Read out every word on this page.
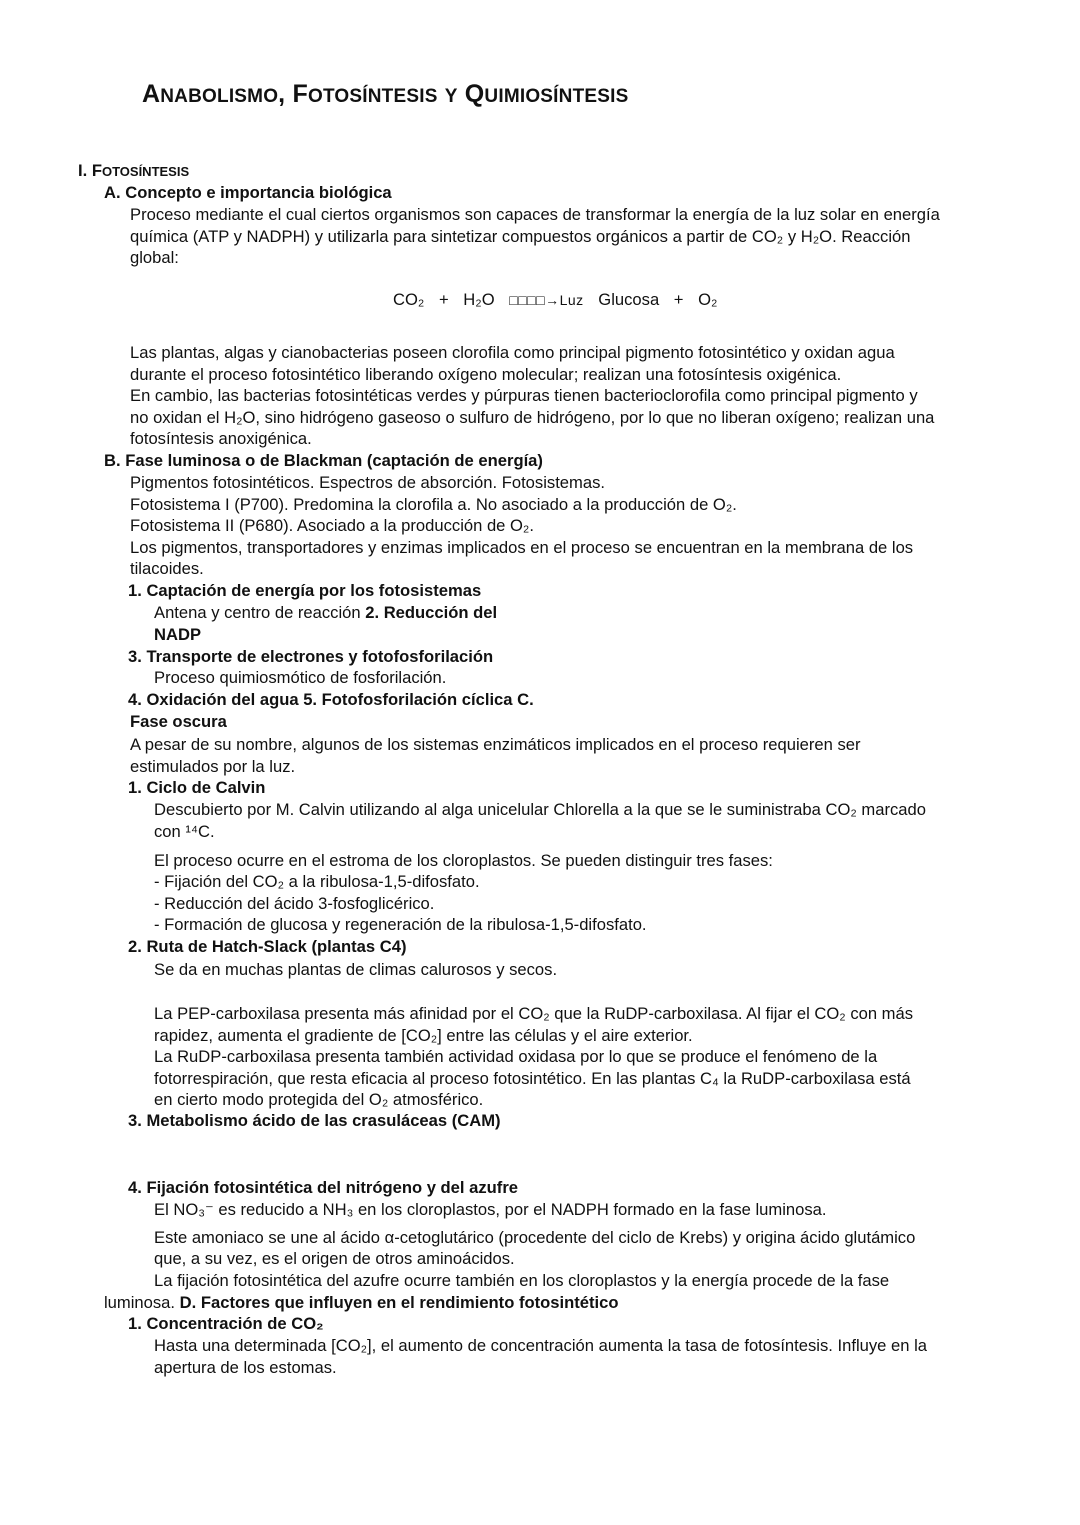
ANABOLISMO, FOTOSÍNTESIS Y QUIMIOSÍNTESIS
I. FOTOSÍNTESIS
A. Concepto e importancia biológica
Proceso mediante el cual ciertos organismos son capaces de transformar la energía de la luz solar en energía
química (ATP y NADPH) y utilizarla para sintetizar compuestos orgánicos a partir de CO₂ y H₂O. Reacción
global:
CO₂ + H₂O □□□□→Luz Glucosa + O₂
Las plantas, algas y cianobacterias poseen clorofila como principal pigmento fotosintético y oxidan agua
durante el proceso fotosintético liberando oxígeno molecular; realizan una fotosíntesis oxigénica.
En cambio, las bacterias fotosintéticas verdes y púrpuras tienen bacterioclorofila como principal pigmento y
no oxidan el H₂O, sino hidrógeno gaseoso o sulfuro de hidrógeno, por lo que no liberan oxígeno; realizan una
fotosíntesis anoxigénica.
B. Fase luminosa o de Blackman (captación de energía)
Pigmentos fotosintéticos. Espectros de absorción. Fotosistemas.
Fotosistema I (P700). Predomina la clorofila a. No asociado a la producción de O₂.
Fotosistema II (P680). Asociado a la producción de O₂.
Los pigmentos, transportadores y enzimas implicados en el proceso se encuentran en la membrana de los
tilacoides.
1. Captación de energía por los fotosistemas
Antena y centro de reacción 2. Reducción del
NADP
3. Transporte de electrones y fotofosforilación
Proceso quimiosmótico de fosforilación.
4. Oxidación del agua 5. Fotofosforilación cíclica C.
Fase oscura
A pesar de su nombre, algunos de los sistemas enzimáticos implicados en el proceso requieren ser
estimulados por la luz.
1. Ciclo de Calvin
Descubierto por M. Calvin utilizando al alga unicelular Chlorella a la que se le suministraba CO₂ marcado
con ¹⁴C.
El proceso ocurre en el estroma de los cloroplastos. Se pueden distinguir tres fases:
- Fijación del CO₂ a la ribulosa-1,5-difosfato.
- Reducción del ácido 3-fosfoglicérico.
- Formación de glucosa y regeneración de la ribulosa-1,5-difosfato.
2. Ruta de Hatch-Slack (plantas C4)
Se da en muchas plantas de climas calurosos y secos.
La PEP-carboxilasa presenta más afinidad por el CO₂ que la RuDP-carboxilasa. Al fijar el CO₂ con más
rapidez, aumenta el gradiente de [CO₂] entre las células y el aire exterior.
La RuDP-carboxilasa presenta también actividad oxidasa por lo que se produce el fenómeno de la
fotorrespiración, que resta eficacia al proceso fotosintético. En las plantas C₄ la RuDP-carboxilasa está
en cierto modo protegida del O₂ atmosférico.
3. Metabolismo ácido de las crasuláceas (CAM)
4. Fijación fotosintética del nitrógeno y del azufre
El NO₃⁻ es reducido a NH₃ en los cloroplastos, por el NADPH formado en la fase luminosa.
Este amoniaco se une al ácido α-cetoglutárico (procedente del ciclo de Krebs) y origina ácido glutámico
que, a su vez, es el origen de otros aminoácidos.
La fijación fotosintética del azufre ocurre también en los cloroplastos y la energía procede de la fase
luminosa. D. Factores que influyen en el rendimiento fotosintético
1. Concentración de CO₂
Hasta una determinada [CO₂], el aumento de concentración aumenta la tasa de fotosíntesis. Influye en la
apertura de los estomas.
